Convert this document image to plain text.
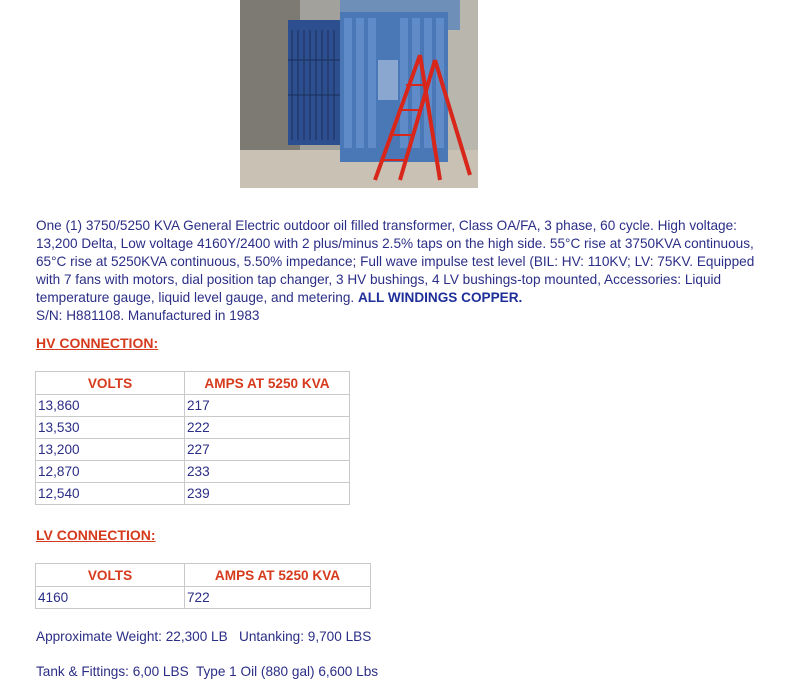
One (1) 3750/5250 KVA General Electric outdoor oil filled transformer, Class OA/FA, 3 phase, 60 cycle. High voltage: 13,200 Delta, Low voltage 4160Y/2400 with 2 plus/minus 2.5% taps on the high side. 55°C rise at 3750KVA continuous, 65°C rise at 5250KVA continuous, 5.50% impedance; Full wave impulse test level (BIL: HV: 110KV; LV: 75KV. Equipped with 7 fans with motors, dial position tap changer, 3 HV bushings, 4 LV bushings-top mounted, Accessories: Liquid temperature gauge, liquid level gauge, and metering. ALL WINDINGS COPPER.
S/N: H881108. Manufactured in 1983
HV CONNECTION:
VOLTS	AMPS AT 5250 KVA
13,860	217
13,530	222
13,200	227
12,870	233
12,540	239
LV CONNECTION:
VOLTS	AMPS AT 5250 KVA
4160	722
Approximate Weight: 22,300 LB   Untanking: 9,700 LBS
Tank & Fittings: 6,00 LBS  Type 1 Oil (880 gal) 6,600 Lbs
